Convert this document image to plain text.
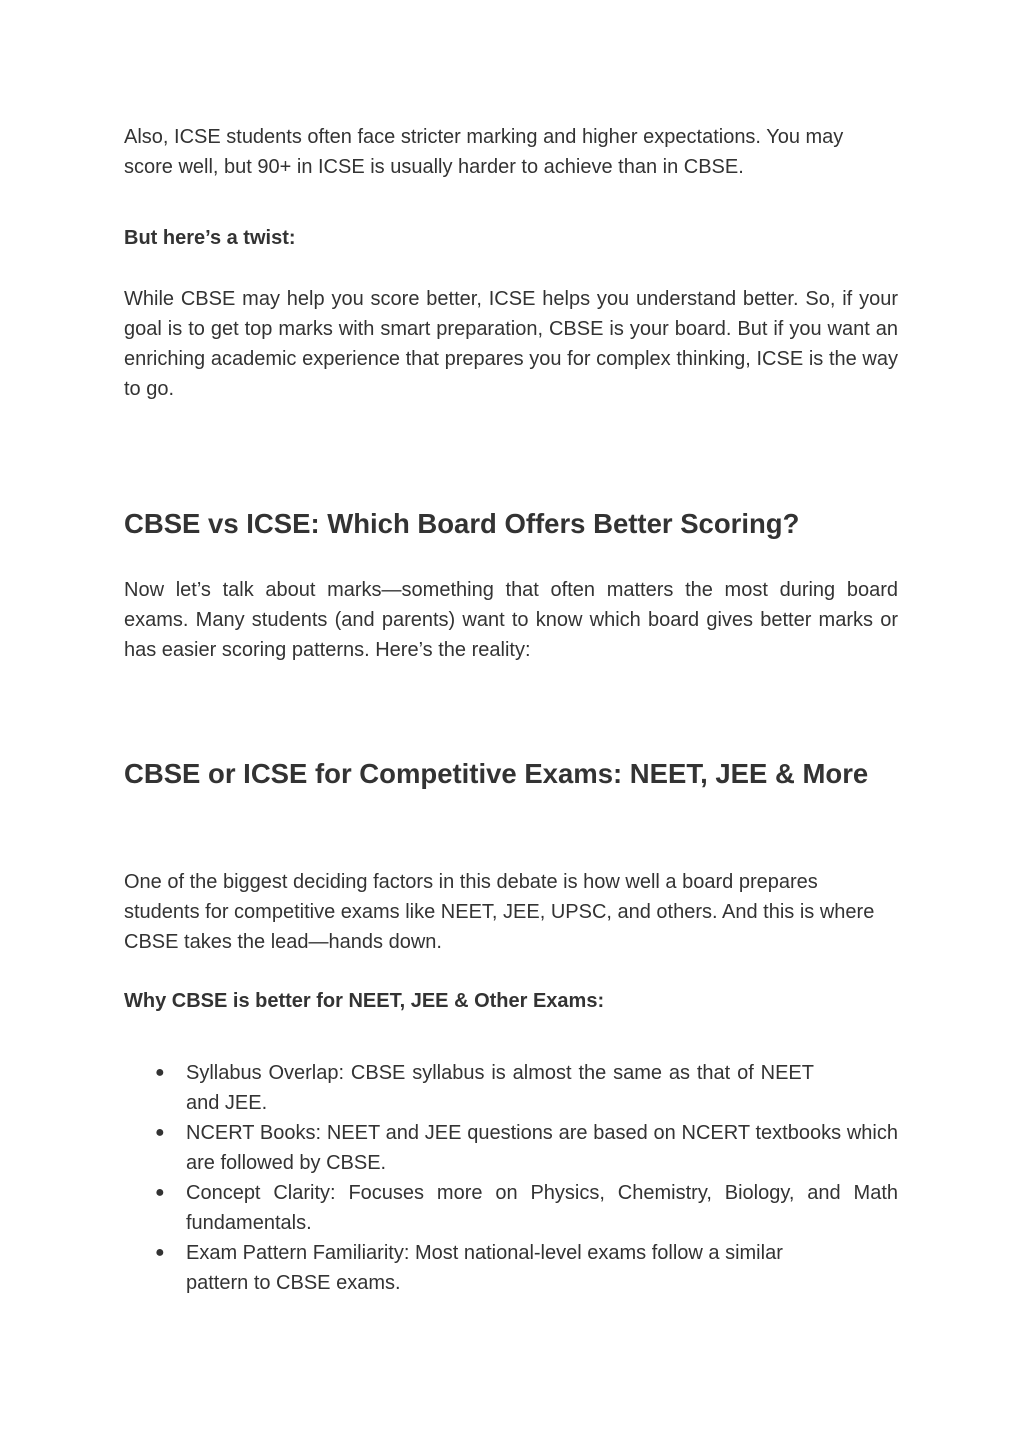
Also, ICSE students often face stricter marking and higher expectations. You may score well, but 90+ in ICSE is usually harder to achieve than in CBSE.

But here’s a twist:

While CBSE may help you score better, ICSE helps you understand better. So, if your goal is to get top marks with smart preparation, CBSE is your board. But if you want an enriching academic experience that prepares you for complex thinking, ICSE is the way to go.

CBSE vs ICSE: Which Board Offers Better Scoring?

Now let’s talk about marks—something that often matters the most during board exams. Many students (and parents) want to know which board gives better marks or has easier scoring patterns. Here’s the reality:

CBSE or ICSE for Competitive Exams: NEET, JEE & More

One of the biggest deciding factors in this debate is how well a board prepares students for competitive exams like NEET, JEE, UPSC, and others. And this is where CBSE takes the lead—hands down.

Why CBSE is better for NEET, JEE & Other Exams:

● Syllabus Overlap: CBSE syllabus is almost the same as that of NEET and JEE.
● NCERT Books: NEET and JEE questions are based on NCERT textbooks which are followed by CBSE.
● Concept Clarity: Focuses more on Physics, Chemistry, Biology, and Math fundamentals.
● Exam Pattern Familiarity: Most national-level exams follow a similar pattern to CBSE exams.
